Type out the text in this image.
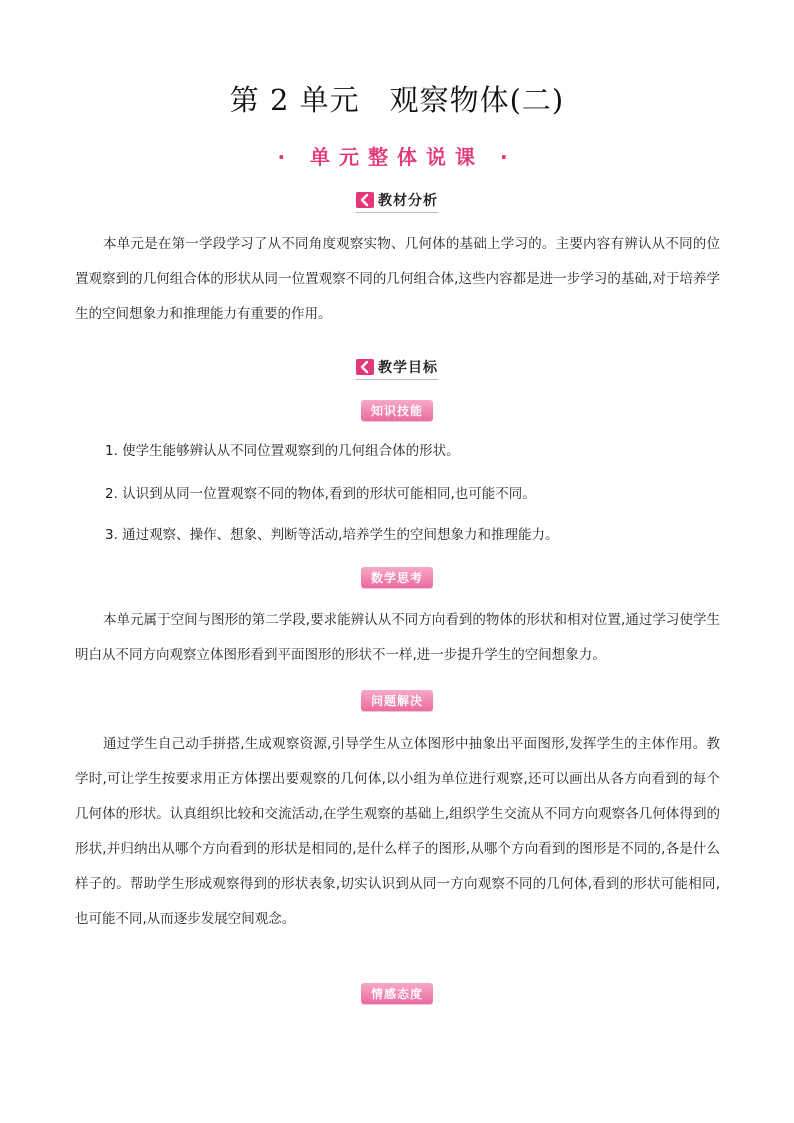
第 2 单元　观察物体(二)
· 单元整体说课 ·
教材分析
本单元是在第一学段学习了从不同角度观察实物、几何体的基础上学习的。主要内容有辨认从不同的位置观察到的几何组合体的形状从同一位置观察不同的几何组合体,这些内容都是进一步学习的基础,对于培养学生的空间想象力和推理能力有重要的作用。
教学目标
知识技能
1. 使学生能够辨认从不同位置观察到的几何组合体的形状。
2. 认识到从同一位置观察不同的物体,看到的形状可能相同,也可能不同。
3. 通过观察、操作、想象、判断等活动,培养学生的空间想象力和推理能力。
数学思考
本单元属于空间与图形的第二学段,要求能辨认从不同方向看到的物体的形状和相对位置,通过学习使学生明白从不同方向观察立体图形看到平面图形的形状不一样,进一步提升学生的空间想象力。
问题解决
通过学生自己动手拼搭,生成观察资源,引导学生从立体图形中抽象出平面图形,发挥学生的主体作用。教学时,可让学生按要求用正方体摆出要观察的几何体,以小组为单位进行观察,还可以画出从各方向看到的每个几何体的形状。认真组织比较和交流活动,在学生观察的基础上,组织学生交流从不同方向观察各几何体得到的形状,并归纳出从哪个方向看到的形状是相同的,是什么样子的图形,从哪个方向看到的图形是不同的,各是什么样子的。帮助学生形成观察得到的形状表象,切实认识到从同一方向观察不同的几何体,看到的形状可能相同,也可能不同,从而逐步发展空间观念。
情感态度
